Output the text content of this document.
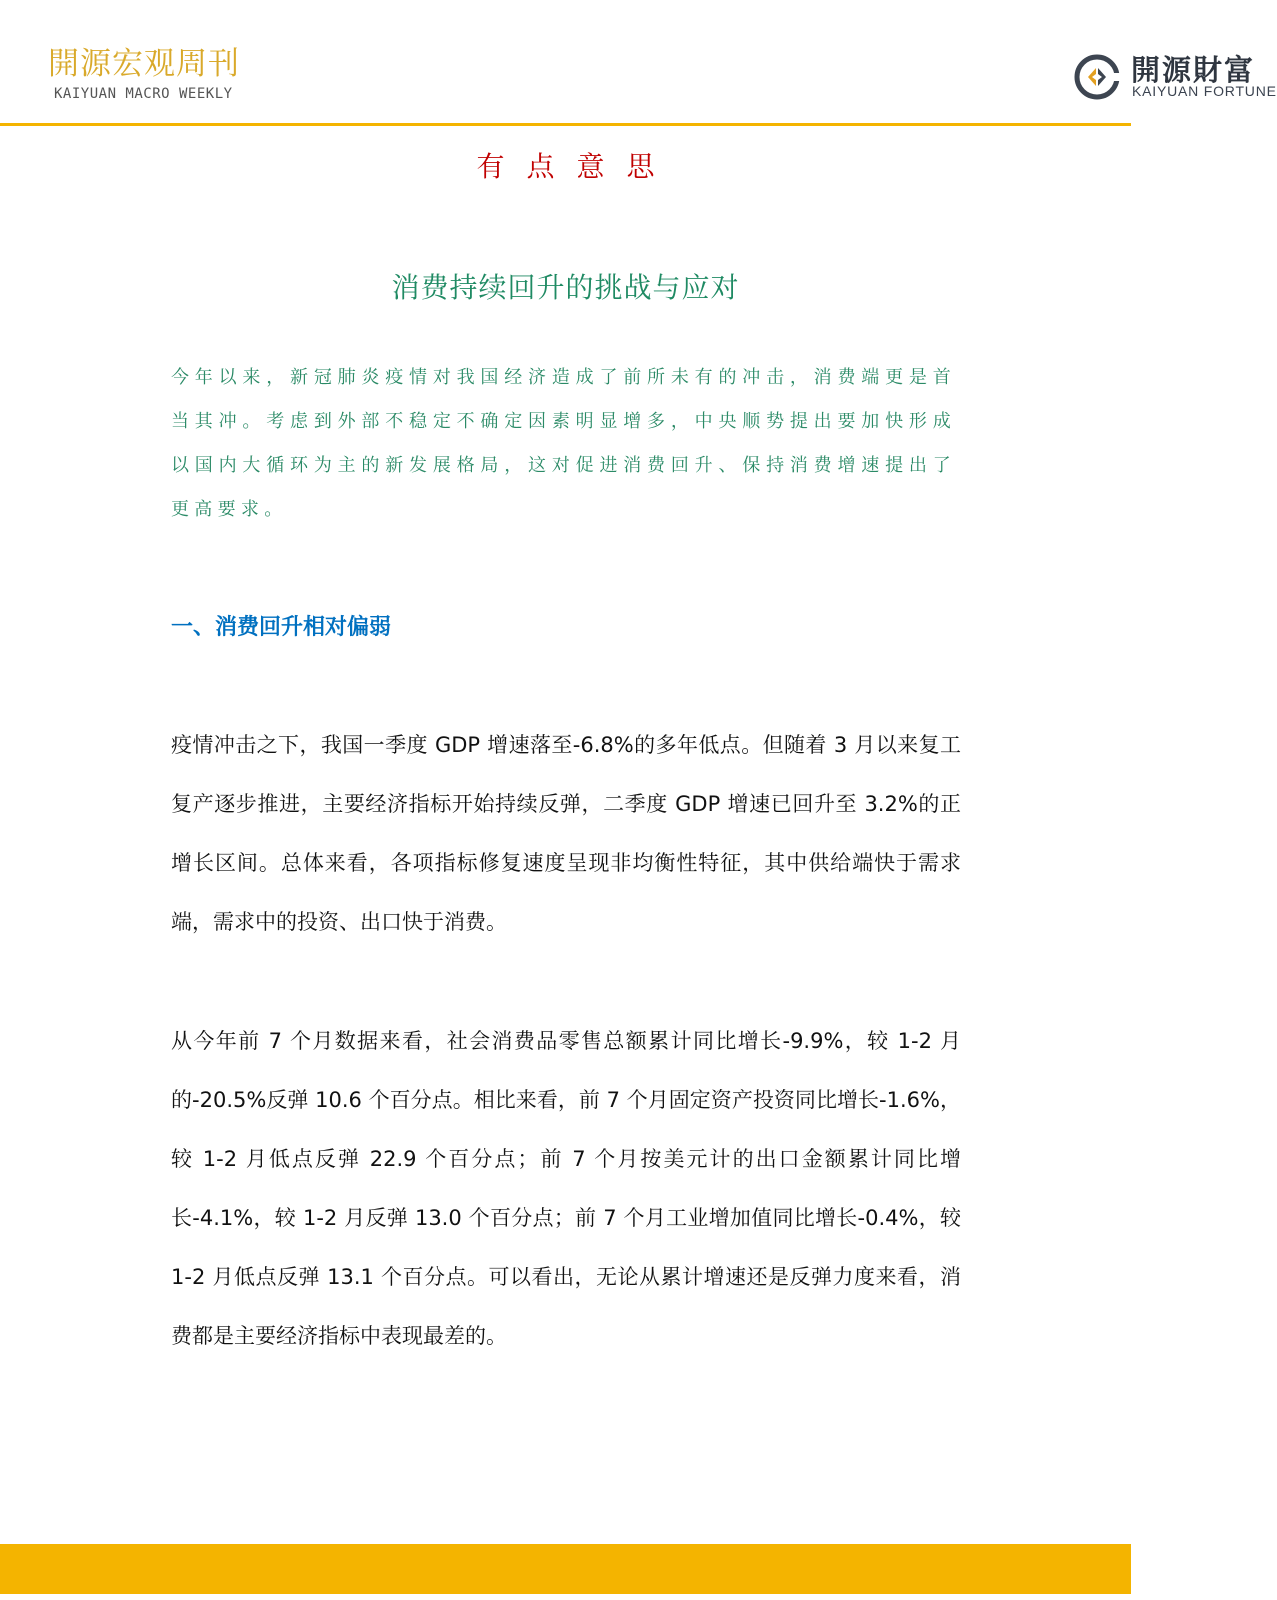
開源宏观周刊
KAIYUAN MACRO WEEKLY
開源財富
KAIYUAN FORTUNE
有点意思
消费持续回升的挑战与应对

今年以来，新冠肺炎疫情对我国经济造成了前所未有的冲击，消费端更是首当其冲。考虑到外部不稳定不确定因素明显增多，中央顺势提出要加快形成以国内大循环为主的新发展格局，这对促进消费回升、保持消费增速提出了更高要求。

一、消费回升相对偏弱

疫情冲击之下，我国一季度 GDP 增速落至-6.8%的多年低点。但随着 3 月以来复工复产逐步推进，主要经济指标开始持续反弹，二季度 GDP 增速已回升至 3.2%的正增长区间。总体来看，各项指标修复速度呈现非均衡性特征，其中供给端快于需求端，需求中的投资、出口快于消费。

从今年前 7 个月数据来看，社会消费品零售总额累计同比增长-9.9%，较 1-2 月的-20.5%反弹 10.6 个百分点。相比来看，前 7 个月固定资产投资同比增长-1.6%，较 1-2 月低点反弹 22.9 个百分点；前 7 个月按美元计的出口金额累计同比增长-4.1%，较 1-2 月反弹 13.0 个百分点；前 7 个月工业增加值同比增长-0.4%，较 1-2 月低点反弹 13.1 个百分点。可以看出，无论从累计增速还是反弹力度来看，消费都是主要经济指标中表现最差的。
